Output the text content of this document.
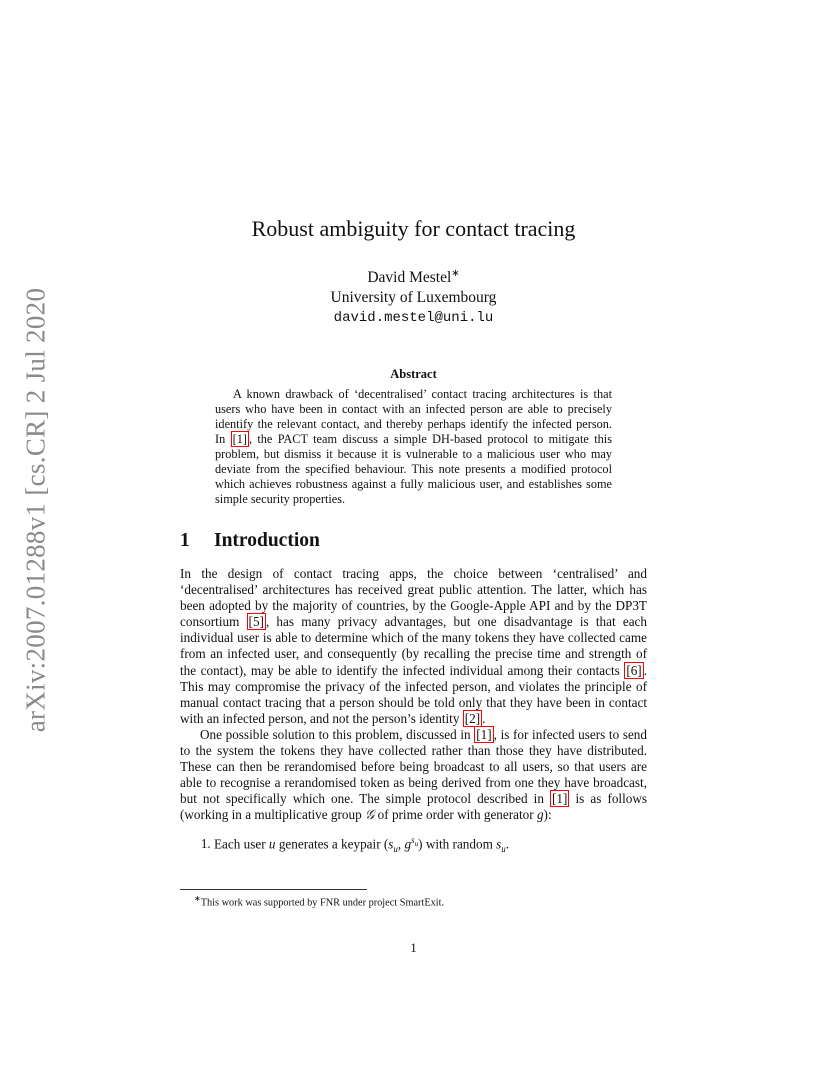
arXiv:2007.01288v1 [cs.CR] 2 Jul 2020
Robust ambiguity for contact tracing
David Mestel∗
University of Luxembourg
david.mestel@uni.lu
Abstract
A known drawback of ‘decentralised’ contact tracing architectures is that users who have been in contact with an infected person are able to precisely identify the relevant contact, and thereby perhaps identify the infected person. In [1] , the PACT team discuss a simple DH-based protocol to mitigate this problem, but dismiss it because it is vulnerable to a malicious user who may deviate from the specified behaviour. This note presents a modified protocol which achieves robustness against a fully malicious user, and establishes some simple security properties.
1 Introduction

In the design of contact tracing apps, the choice between ‘centralised’ and ‘decentralised’ architectures has received great public attention. The latter, which has been adopted by the majority of countries, by the Google-Apple API and by the DP3T consortium [5] , has many privacy advantages, but one disadvantage is that each individual user is able to determine which of the many tokens they have collected came from an infected user, and consequently (by recalling the precise time and strength of the contact), may be able to identify the infected individual among their contacts [6] . This may compromise the privacy of the infected person, and violates the principle of manual contact tracing that a person should be told only that they have been in contact with an infected person, and not the person’s identity [2] .

One possible solution to this problem, discussed in [1] , is for infected users to send to the system the tokens they have collected rather than those they have distributed. These can then be rerandomised before being broadcast to all users, so that users are able to recognise a rerandomised token as being derived from one they have broadcast, but not specifically which one. The simple protocol described in [1] is as follows (working in a multiplicative group 𝒢 of prime order with generator g):

1. Each user u generates a keypair ($s_u$, $g^{s_u}$) with random $s_u$.
∗This work was supported by FNR under project SmartExit.
1
